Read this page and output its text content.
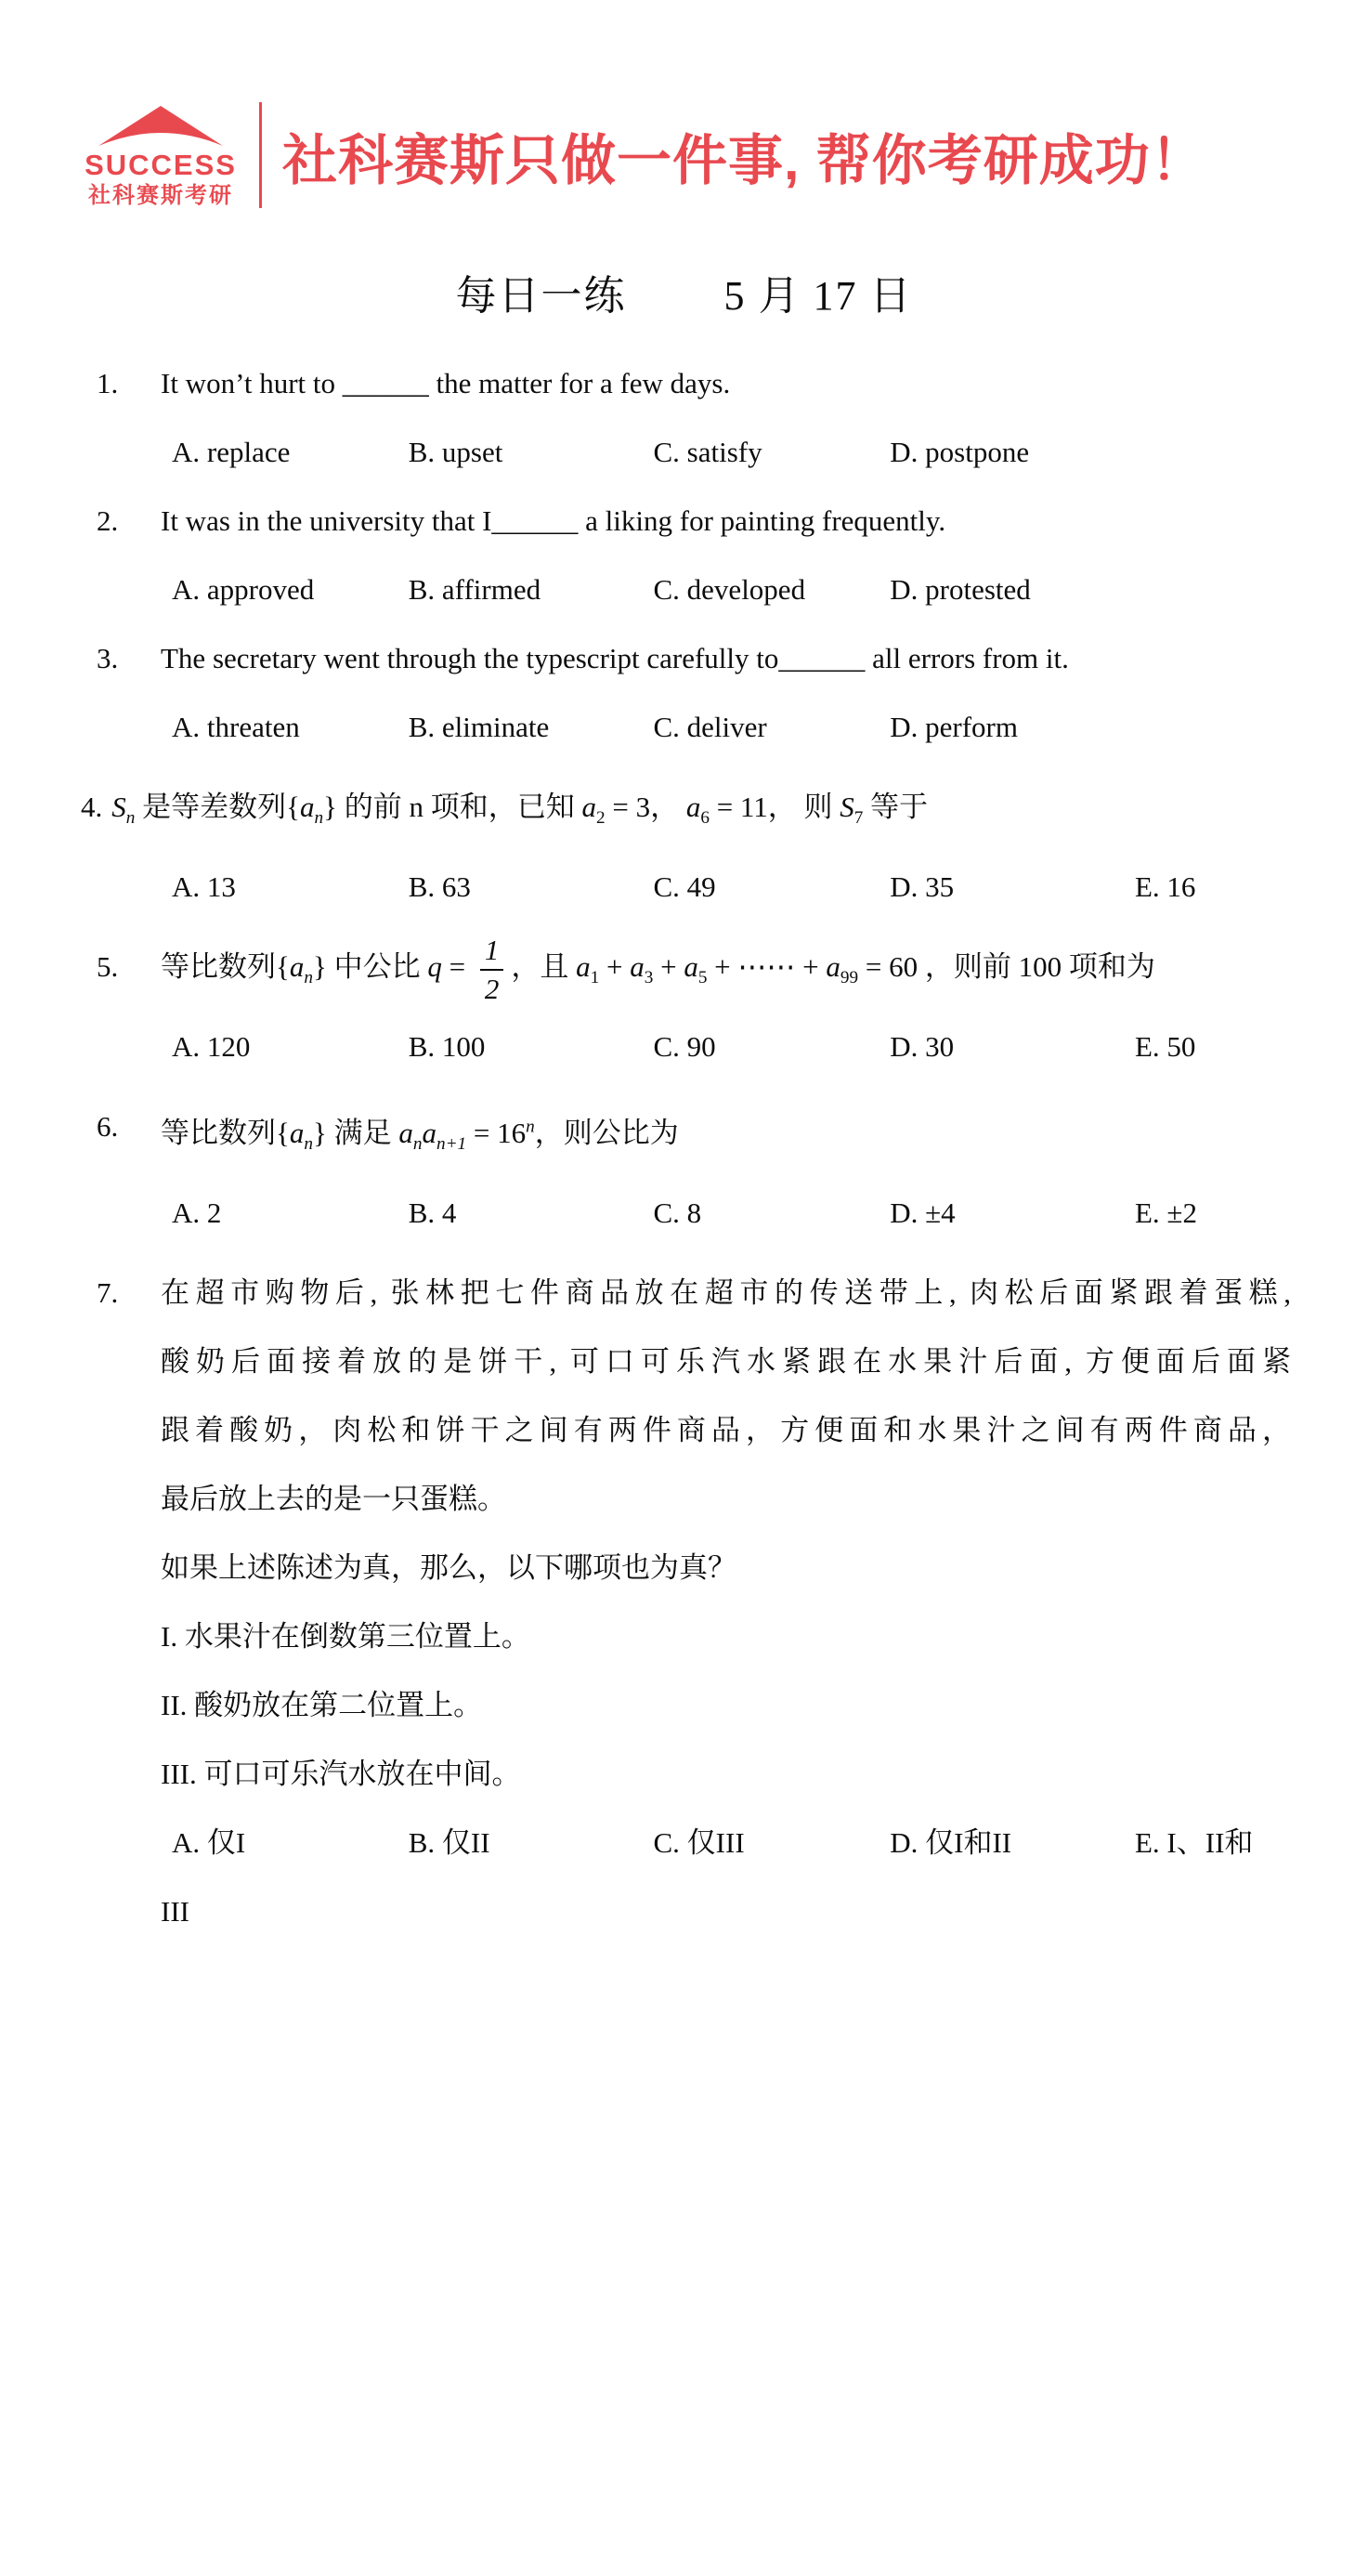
SUCCESS
社科赛斯考研
社科赛斯只做一件事, 帮你考研成功！
每日一练 5 月 17 日
1. It won’t hurt to ______ the matter for a few days.
A. replace	B. upset	C. satisfy	D. postpone
2. It was in the university that I______ a liking for painting frequently.
A. approved	B. affirmed	C. developed	D. protested
3. The secretary went through the typescript carefully to______ all errors from it.
A. threaten	B. eliminate	C. deliver	D. perform
4. $S_n$ 是等差数列$\{a_n\}$ 的前 n 项和，已知 $a_2 = 3$， $a_6 = 11$， 则 $S_7$ 等于
A. 13	B. 63	C. 49	D. 35	E. 16
5. 等比数列$\{a_n\}$ 中公比 $q = \frac{1}{2}$ ，且 $a_1 + a_3 + a_5$ + ⋯⋯ + $a_{99} = 60$ ，则前 100 项和为
A. 120	B. 100	C. 90	D. 30	E. 50
6. 等比数列$\{a_n\}$ 满足 $a_na_{n+1} = 16^n$，则公比为
A. 2	B. 4	C. 8	D. ±4	E. ±2
7. 在超市购物后, 张林把七件商品放在超市的传送带上, 肉松后面紧跟着蛋糕,
酸奶后面接着放的是饼干, 可口可乐汽水紧跟在水果汁后面, 方便面后面紧
跟着酸奶，肉松和饼干之间有两件商品，方便面和水果汁之间有两件商品，
最后放上去的是一只蛋糕。
如果上述陈述为真，那么，以下哪项也为真？
I. 水果汁在倒数第三位置上。
II. 酸奶放在第二位置上。
III. 可口可乐汽水放在中间。
A. 仅I	B. 仅II	C. 仅III	D. 仅I和II	E. I、II和
III
